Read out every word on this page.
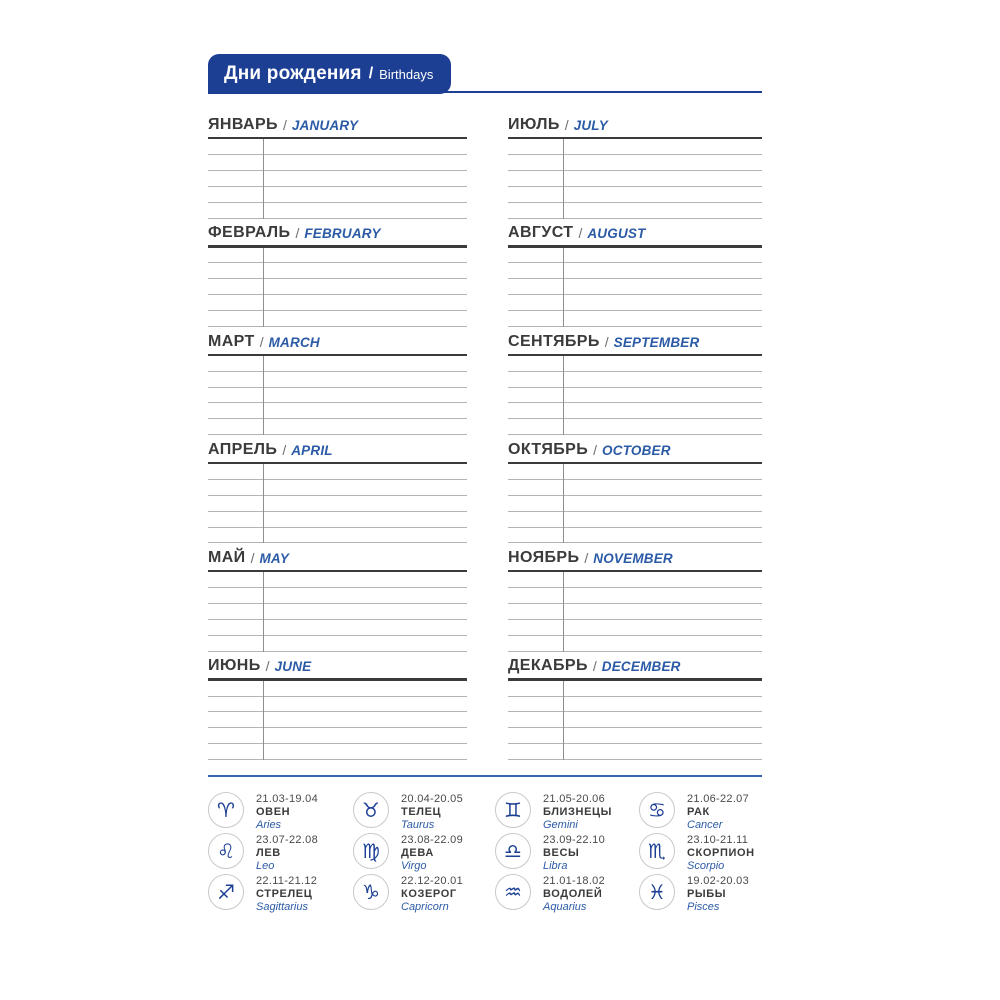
Дни рождения / Birthdays
ЯНВАРЬ / JANUARY
ФЕВРАЛЬ / FEBRUARY
МАРТ / MARCH
АПРЕЛЬ / APRIL
МАЙ / MAY
ИЮНЬ / JUNE
ИЮЛЬ / JULY
АВГУСТ / AUGUST
СЕНТЯБРЬ / SEPTEMBER
ОКТЯБРЬ / OCTOBER
НОЯБРЬ / NOVEMBER
ДЕКАБРЬ / DECEMBER
♈ 21.03-19.04
ОВЕН
Aries
♉ 20.04-20.05
ТЕЛЕЦ
Taurus
♊ 21.05-20.06
БЛИЗНЕЦЫ
Gemini
♋ 21.06-22.07
РАК
Cancer
♌ 23.07-22.08
ЛЕВ
Leo
♍ 23.08-22.09
ДЕВА
Virgo
♎ 23.09-22.10
ВЕСЫ
Libra
♏ 23.10-21.11
СКОРПИОН
Scorpio
♐ 22.11-21.12
СТРЕЛЕЦ
Sagittarius
♑ 22.12-20.01
КОЗЕРОГ
Capricorn
♒ 21.01-18.02
ВОДОЛЕЙ
Aquarius
♓ 19.02-20.03
РЫБЫ
Pisces
